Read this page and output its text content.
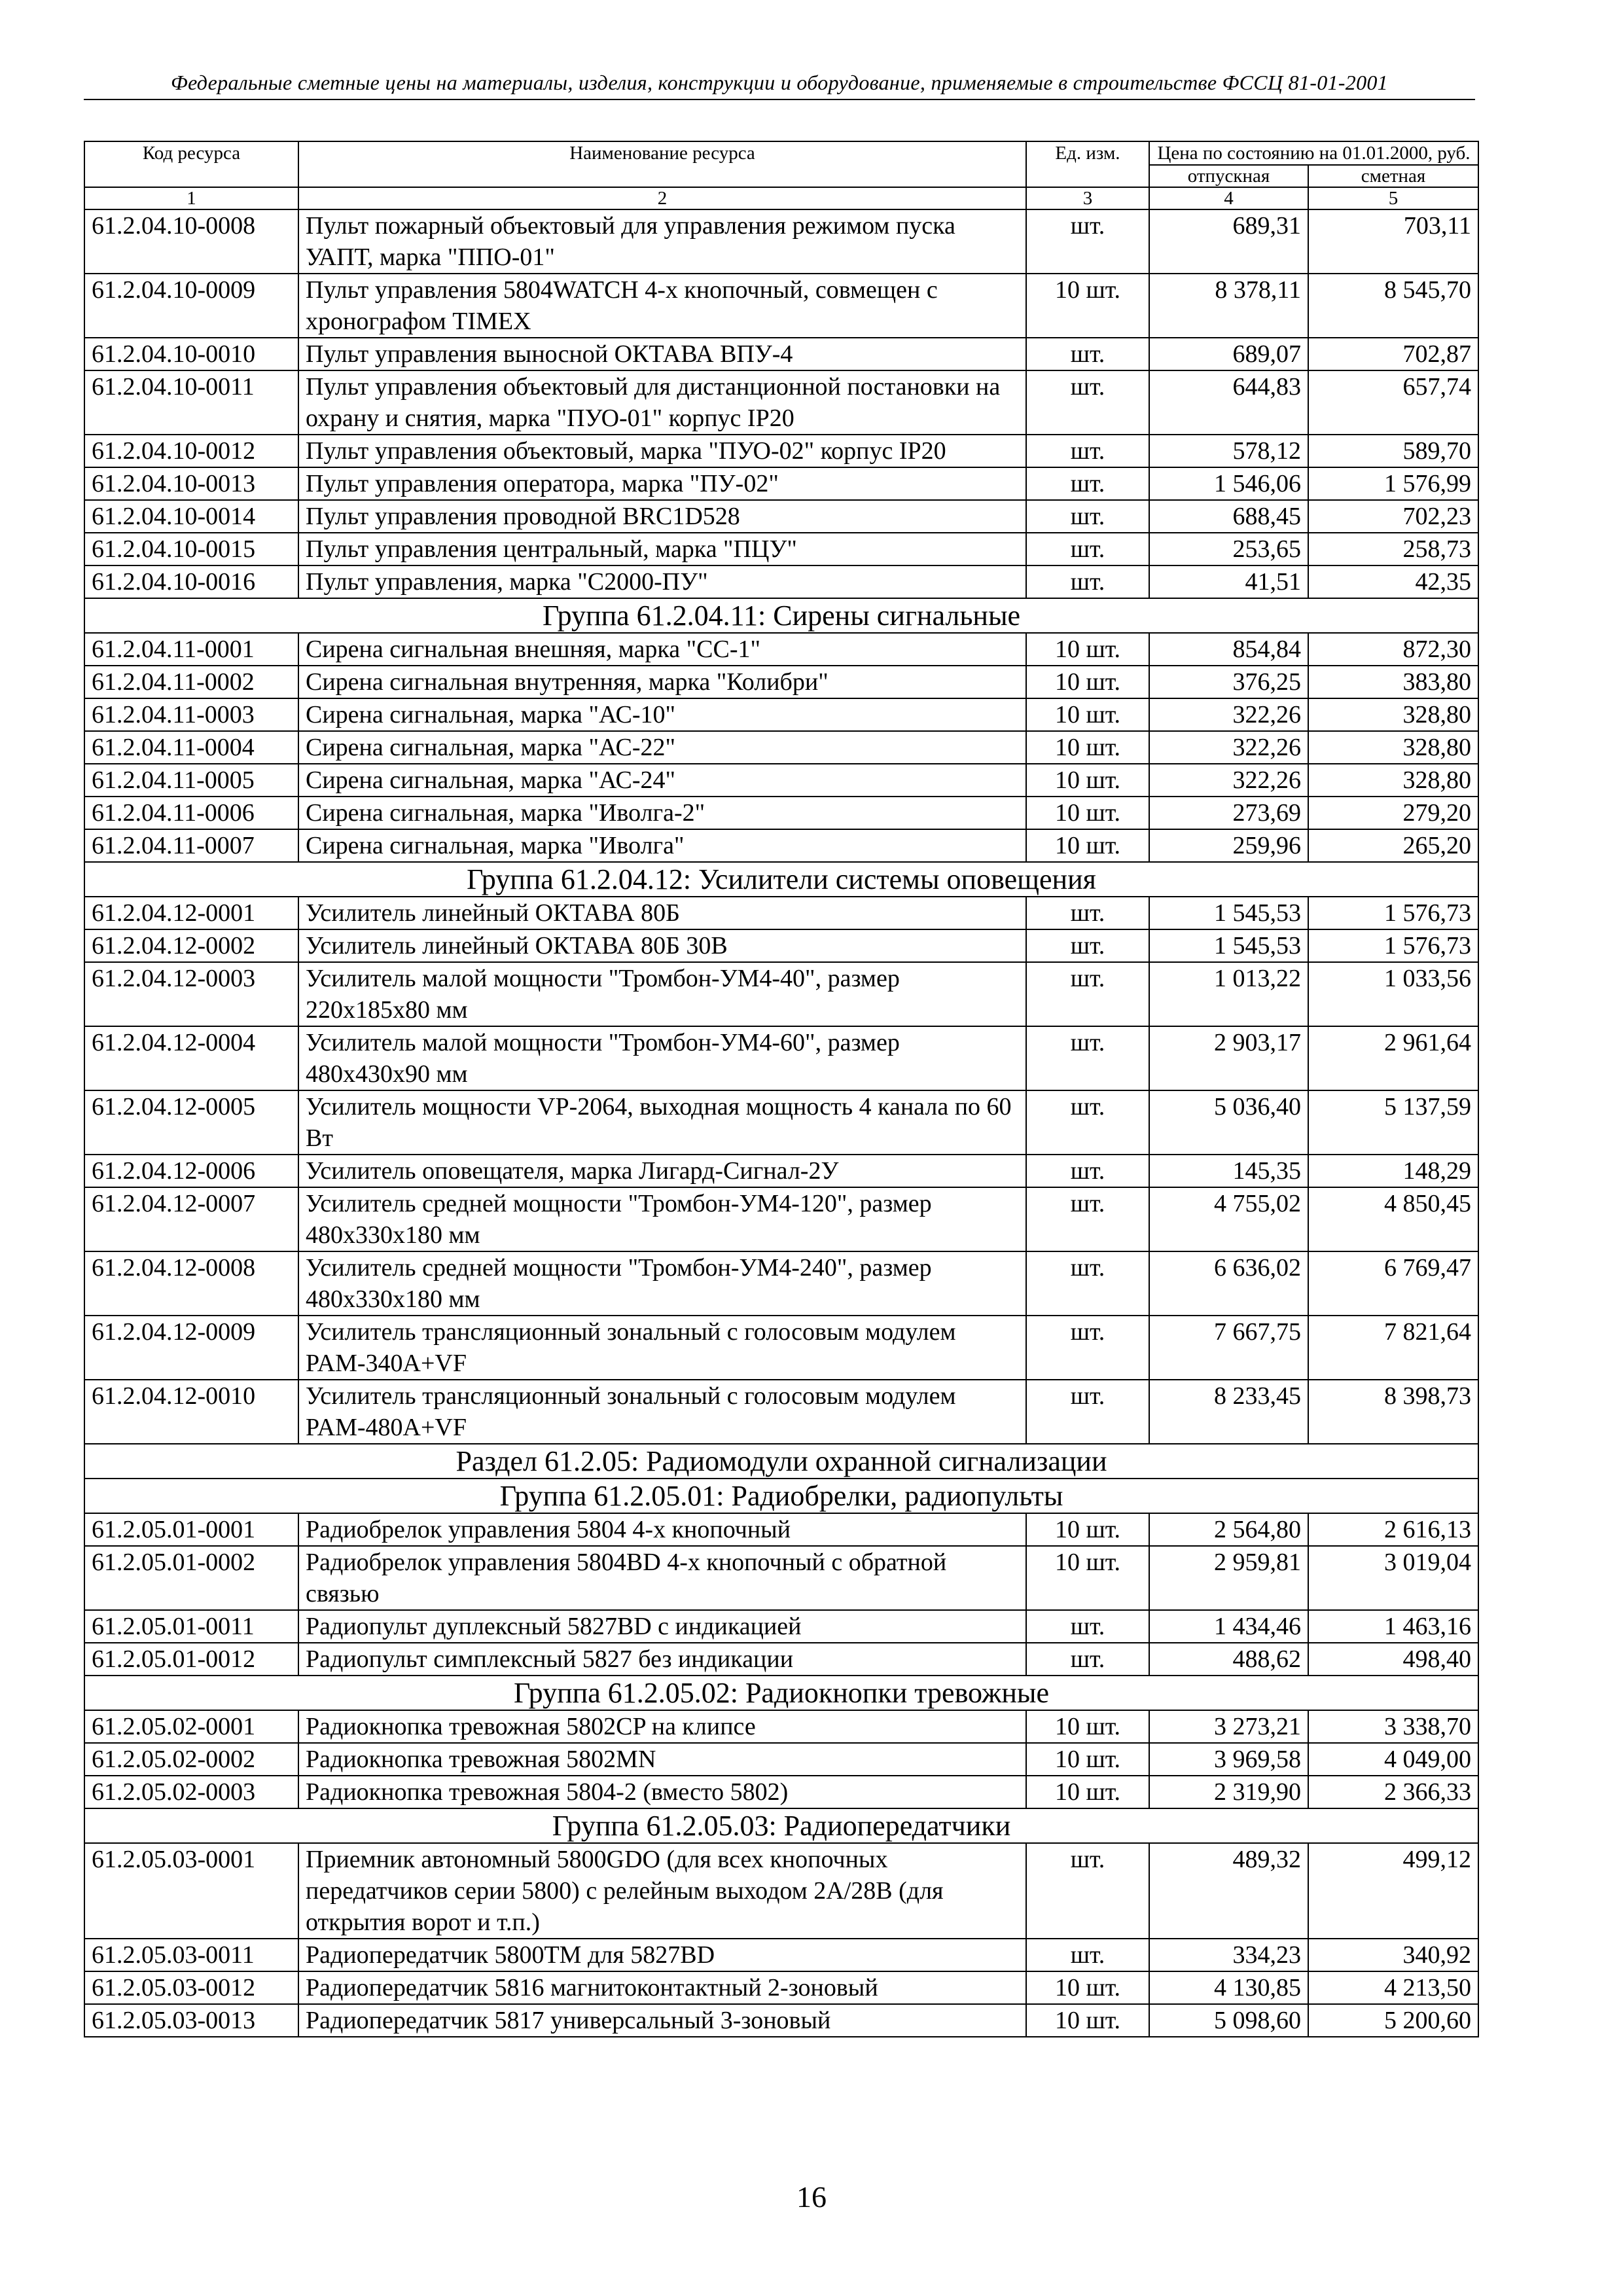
Федеральные сметные цены на материалы, изделия, конструкции и оборудование, применяемые в строительстве ФССЦ 81-01-2001
Код ресурса	Наименование ресурса	Ед. изм.	Цена по состоянию на 01.01.2000, руб.	
			отпускная	сметная
1	2	3	4	5
61.2.04.10-0008	Пульт пожарный объектовый для управления режимом пуска УАПТ, марка "ППО-01"	шт.	689,31	703,11
61.2.04.10-0009	Пульт управления 5804WATCH 4-х кнопочный, совмещен с хронографом TIMEX	10 шт.	8 378,11	8 545,70
61.2.04.10-0010	Пульт управления выносной ОКТАВА ВПУ-4	шт.	689,07	702,87
61.2.04.10-0011	Пульт управления объектовый для дистанционной постановки на охрану и снятия, марка "ПУО-01" корпус IP20	шт.	644,83	657,74
61.2.04.10-0012	Пульт управления объектовый, марка "ПУО-02" корпус IP20	шт.	578,12	589,70
61.2.04.10-0013	Пульт управления оператора, марка "ПУ-02"	шт.	1 546,06	1 576,99
61.2.04.10-0014	Пульт управления проводной BRC1D528	шт.	688,45	702,23
61.2.04.10-0015	Пульт управления центральный, марка "ПЦУ"	шт.	253,65	258,73
61.2.04.10-0016	Пульт управления, марка "С2000-ПУ"	шт.	41,51	42,35
Группа 61.2.04.11: Сирены сигнальные				
61.2.04.11-0001	Сирена сигнальная внешняя, марка "СС-1"	10 шт.	854,84	872,30
61.2.04.11-0002	Сирена сигнальная внутренняя, марка "Колибри"	10 шт.	376,25	383,80
61.2.04.11-0003	Сирена сигнальная, марка "АС-10"	10 шт.	322,26	328,80
61.2.04.11-0004	Сирена сигнальная, марка "АС-22"	10 шт.	322,26	328,80
61.2.04.11-0005	Сирена сигнальная, марка "АС-24"	10 шт.	322,26	328,80
61.2.04.11-0006	Сирена сигнальная, марка "Иволга-2"	10 шт.	273,69	279,20
61.2.04.11-0007	Сирена сигнальная, марка "Иволга"	10 шт.	259,96	265,20
Группа 61.2.04.12: Усилители системы оповещения				
61.2.04.12-0001	Усилитель линейный ОКТАВА 80Б	шт.	1 545,53	1 576,73
61.2.04.12-0002	Усилитель линейный ОКТАВА 80Б 30В	шт.	1 545,53	1 576,73
61.2.04.12-0003	Усилитель малой мощности "Тромбон-УМ4-40", размер 220х185х80 мм	шт.	1 013,22	1 033,56
61.2.04.12-0004	Усилитель малой мощности "Тромбон-УМ4-60", размер 480х430х90 мм	шт.	2 903,17	2 961,64
61.2.04.12-0005	Усилитель мощности VP-2064, выходная мощность 4 канала по 60 Вт	шт.	5 036,40	5 137,59
61.2.04.12-0006	Усилитель оповещателя, марка Лигард-Сигнал-2У	шт.	145,35	148,29
61.2.04.12-0007	Усилитель средней мощности "Тромбон-УМ4-120", размер 480х330х180 мм	шт.	4 755,02	4 850,45
61.2.04.12-0008	Усилитель средней мощности "Тромбон-УМ4-240", размер 480х330х180 мм	шт.	6 636,02	6 769,47
61.2.04.12-0009	Усилитель трансляционный зональный с голосовым модулем PAM-340A+VF	шт.	7 667,75	7 821,64
61.2.04.12-0010	Усилитель трансляционный зональный с голосовым модулем PAM-480A+VF	шт.	8 233,45	8 398,73
Раздел 61.2.05: Радиомодули охранной сигнализации				
Группа 61.2.05.01: Радиобрелки, радиопульты				
61.2.05.01-0001	Радиобрелок управления 5804 4-х кнопочный	10 шт.	2 564,80	2 616,13
61.2.05.01-0002	Радиобрелок управления 5804BD 4-х кнопочный с обратной связью	10 шт.	2 959,81	3 019,04
61.2.05.01-0011	Радиопульт дуплексный 5827BD с индикацией	шт.	1 434,46	1 463,16
61.2.05.01-0012	Радиопульт симплексный 5827 без индикации	шт.	488,62	498,40
Группа 61.2.05.02: Радиокнопки тревожные				
61.2.05.02-0001	Радиокнопка тревожная 5802CP на клипсе	10 шт.	3 273,21	3 338,70
61.2.05.02-0002	Радиокнопка тревожная 5802MN	10 шт.	3 969,58	4 049,00
61.2.05.02-0003	Радиокнопка тревожная 5804-2 (вместо 5802)	10 шт.	2 319,90	2 366,33
Группа 61.2.05.03: Радиопередатчики				
61.2.05.03-0001	Приемник автономный 5800GDO (для всех кнопочных передатчиков серии 5800) с релейным выходом 2А/28В (для открытия ворот и т.п.)	шт.	489,32	499,12
61.2.05.03-0011	Радиопередатчик 5800TM для 5827BD	шт.	334,23	340,92
61.2.05.03-0012	Радиопередатчик 5816 магнитоконтактный 2-зоновый	10 шт.	4 130,85	4 213,50
61.2.05.03-0013	Радиопередатчик 5817 универсальный 3-зоновый	10 шт.	5 098,60	5 200,60
16
